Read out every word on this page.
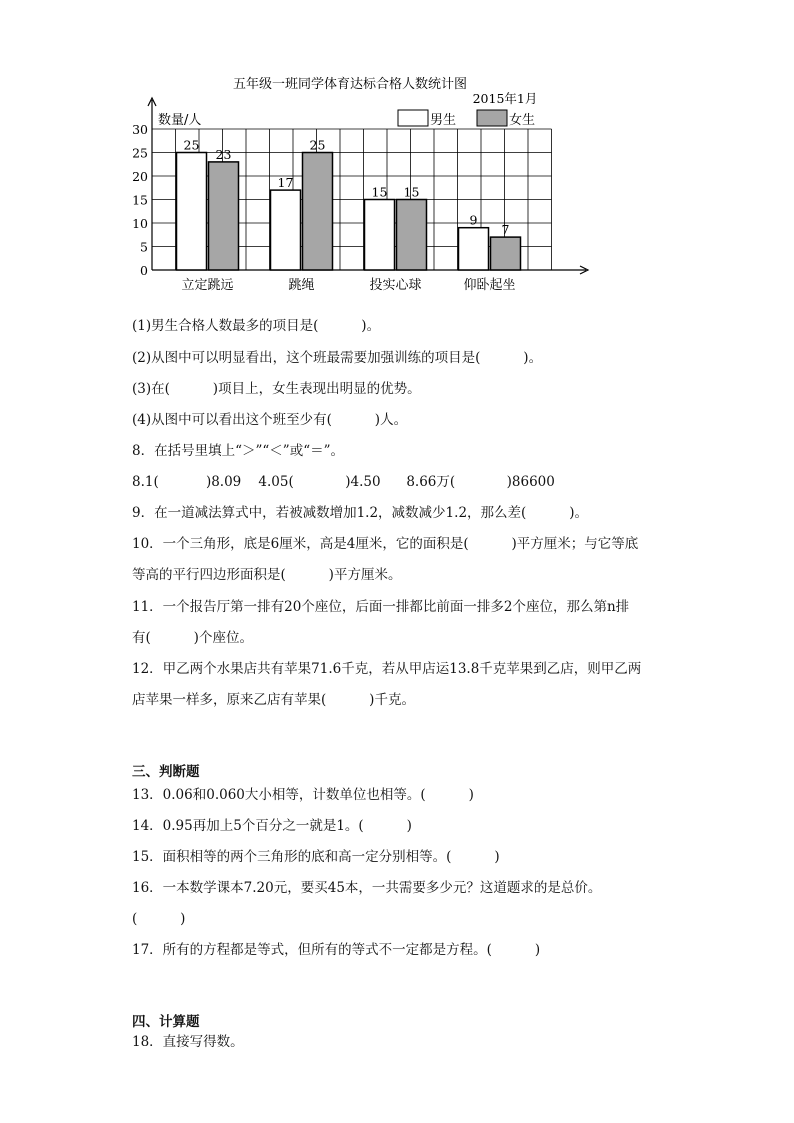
0
5
10
15
20
25
30
25
23
立定跳远
17
25
跳绳
15 15
投实心球
9
7
仰卧起坐
五年级一班同学体育达标合格人数统计图
2015年1月
数量/人	男生	女生
(1)男生合格人数最多的项目是(          )。
(2)从图中可以明显看出，这个班最需要加强训练的项目是(          )。
(3)在(          )项目上，女生表现出明显的优势。
(4)从图中可以看出这个班至少有(          )人。
8．在括号里填上“＞”“＜”或“＝”。
8.1(           )8.09    4.05(            )4.50      8.66万(            )86600
9．在一道减法算式中，若被减数增加1.2，减数减少1.2，那么差(          )。
10．一个三角形，底是6厘米，高是4厘米，它的面积是(          )平方厘米；与它等底
等高的平行四边形面积是(          )平方厘米。
11．一个报告厅第一排有20个座位，后面一排都比前面一排多2个座位，那么第n排
有(          )个座位。
12．甲乙两个水果店共有苹果71.6千克，若从甲店运13.8千克苹果到乙店，则甲乙两
店苹果一样多，原来乙店有苹果(          )千克。
三、判断题
13．0.06和0.060大小相等，计数单位也相等。(          )
14．0.95再加上5个百分之一就是1。(          )
15．面积相等的两个三角形的底和高一定分别相等。(          )
16．一本数学课本7.20元，要买45本，一共需要多少元？这道题求的是总价。
(          )
17．所有的方程都是等式，但所有的等式不一定都是方程。(          )
四、计算题
18．直接写得数。
